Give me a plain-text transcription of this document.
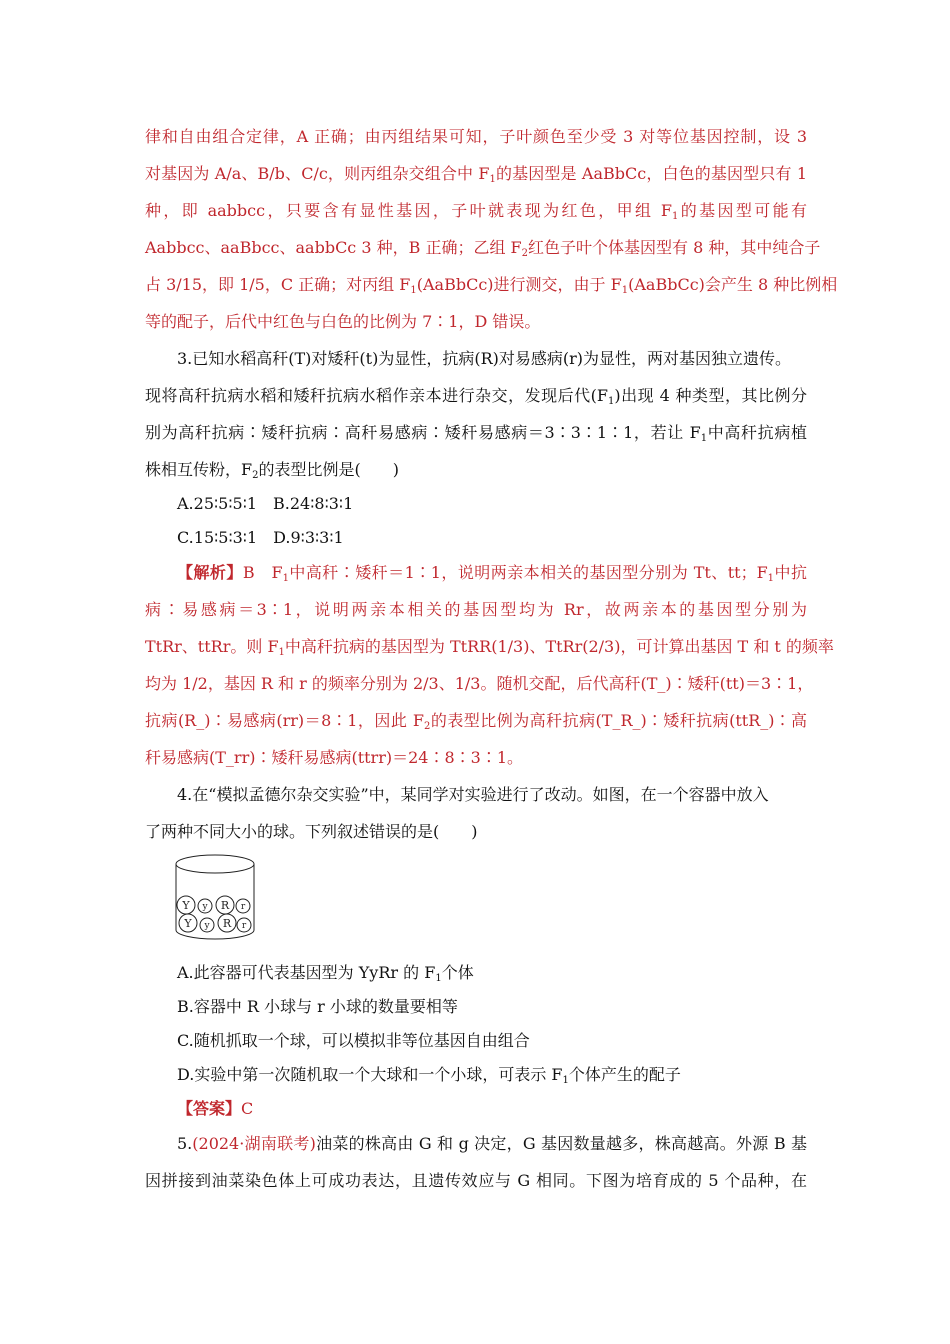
律和自由组合定律，A 正确；由丙组结果可知，子叶颜色至少受 3 对等位基因控制，设 3
对基因为 A/a、B/b、C/c，则丙组杂交组合中 $F_1$的基因型是 AaBbCc，白色的基因型只有 1
种，即 aabbcc，只要含有显性基因，子叶就表现为红色，甲组 $F_1$的基因型可能有
Aabbcc、aaBbcc、aabbCc 3 种，B 正确；乙组 $F_2$红色子叶个体基因型有 8 种，其中纯合子
占 3/15，即 1/5，C 正确；对丙组 $F_1(AaBbCc)$进行测交，由于 $F_1(AaBbCc)$会产生 8 种比例相
等的配子，后代中红色与白色的比例为 7∶1，D 错误。
3.已知水稻高秆(T)对矮秆(t)为显性，抗病(R)对易感病(r)为显性，两对基因独立遗传。
现将高秆抗病水稻和矮秆抗病水稻作亲本进行杂交，发现后代$(F_1)$出现 4 种类型，其比例分
别为高秆抗病∶矮秆抗病∶高秆易感病∶矮秆易感病＝3∶3∶1∶1，若让 $F_1$中高秆抗病植
株相互传粉，$F_2$的表型比例是(　　)
A.25∶5∶5∶1　B.24∶8∶3∶1
C.15∶5∶3∶1　D.9∶3∶3∶1
【解析】B　$F_1$中高秆∶矮秆＝1∶1，说明两亲本相关的基因型分别为 Tt、tt；$F_1$中抗
病∶易感病＝3∶1，说明两亲本相关的基因型均为 Rr，故两亲本的基因型分别为
TtRr、ttRr。则 $F_1$中高秆抗病的基因型为 TtRR(1/3)、TtRr(2/3)，可计算出基因 T 和 t 的频率
均为 1/2，基因 R 和 r 的频率分别为 2/3、1/3。随机交配，后代高秆(T_)∶矮秆(tt)＝3∶1，
抗病(R_)∶易感病(rr)＝8∶1，因此 $F_2$的表型比例为高秆抗病(T_R_)∶矮秆抗病(ttR_)∶高
秆易感病(T_rr)∶矮秆易感病(ttrr)＝24∶8∶3∶1。
4.在“模拟孟德尔杂交实验”中，某同学对实验进行了改动。如图，在一个容器中放入
了两种不同大小的球。下列叙述错误的是(　　)
Y y R r
Y y R r
A.此容器可代表基因型为 YyRr 的 $F_1$个体
B.容器中 R 小球与 r 小球的数量要相等
C.随机抓取一个球，可以模拟非等位基因自由组合
D.实验中第一次随机取一个大球和一个小球，可表示 $F_1$个体产生的配子
【答案】C
5.(2024·湖南联考)油菜的株高由 G 和 g 决定，G 基因数量越多，株高越高。外源 B 基
因拼接到油菜染色体上可成功表达，且遗传效应与 G 相同。下图为培育成的 5 个品种，在
